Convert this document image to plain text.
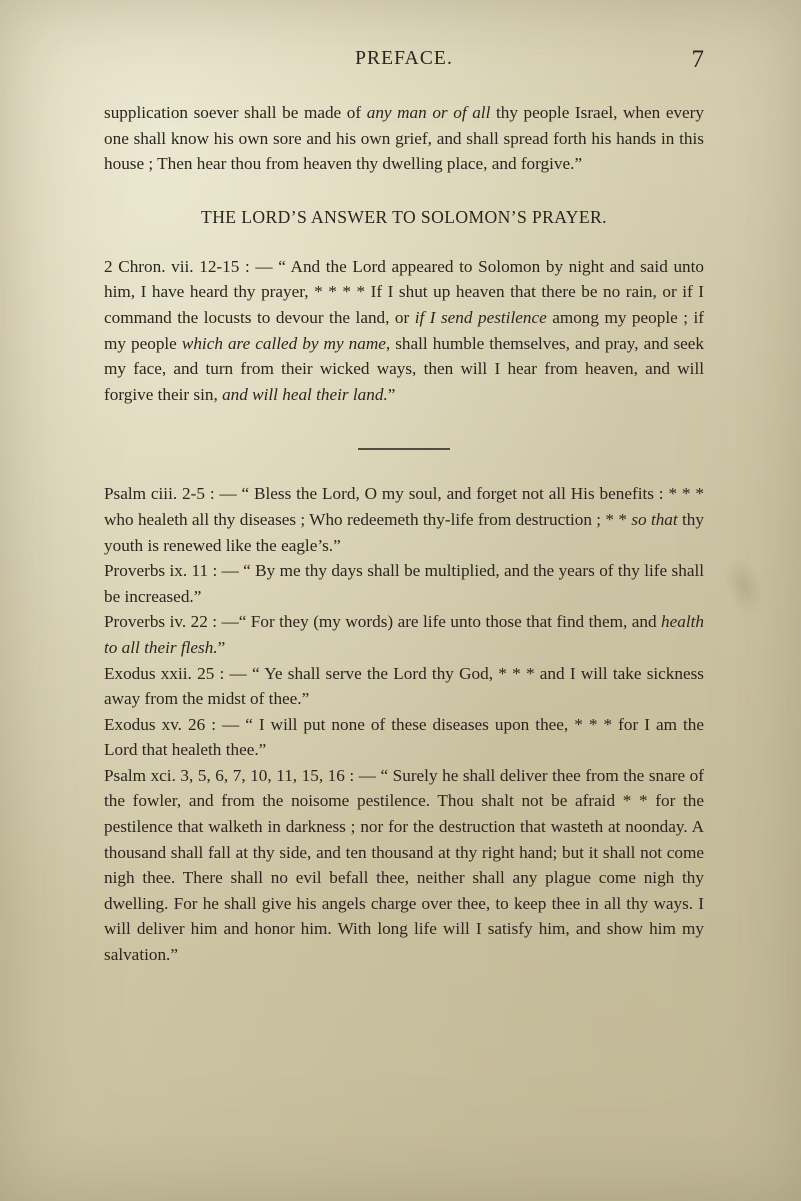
PREFACE.	7

supplication soever shall be made of any man or of all thy people Israel, when every one shall know his own sore and his own grief, and shall spread forth his hands in this house ; Then hear thou from heaven thy dwelling place, and forgive.”

THE LORD’S ANSWER TO SOLOMON’S PRAYER.

2 Chron. vii. 12-15 : — “ And the Lord appeared to Solomon by night and said unto him, I have heard thy prayer, * * * * If I shut up heaven that there be no rain, or if I command the locusts to devour the land, or if I send pestilence among my people ; if my people which are called by my name, shall humble themselves, and pray, and seek my face, and turn from their wicked ways, then will I hear from heaven, and will forgive their sin, and will heal their land.”

Psalm ciii. 2-5 : — “ Bless the Lord, O my soul, and forget not all His benefits : * * * who healeth all thy diseases ; Who redeemeth thy-life from destruction ; * * so that thy youth is renewed like the eagle’s.”

Proverbs ix. 11 : — “ By me thy days shall be multiplied, and the years of thy life shall be increased.”

Proverbs iv. 22 : —“ For they (my words) are life unto those that find them, and health to all their flesh.”

Exodus xxii. 25 : — “ Ye shall serve the Lord thy God, * * * and I will take sickness away from the midst of thee.”

Exodus xv. 26 : — “ I will put none of these diseases upon thee, * * * for I am the Lord that healeth thee.”

Psalm xci. 3, 5, 6, 7, 10, 11, 15, 16 : — “ Surely he shall deliver thee from the snare of the fowler, and from the noisome pestilence. Thou shalt not be afraid * * for the pestilence that walketh in darkness ; nor for the destruction that wasteth at noonday. A thousand shall fall at thy side, and ten thousand at thy right hand; but it shall not come nigh thee. There shall no evil befall thee, neither shall any plague come nigh thy dwelling. For he shall give his angels charge over thee, to keep thee in all thy ways. I will deliver him and honor him. With long life will I satisfy him, and show him my salvation.”
